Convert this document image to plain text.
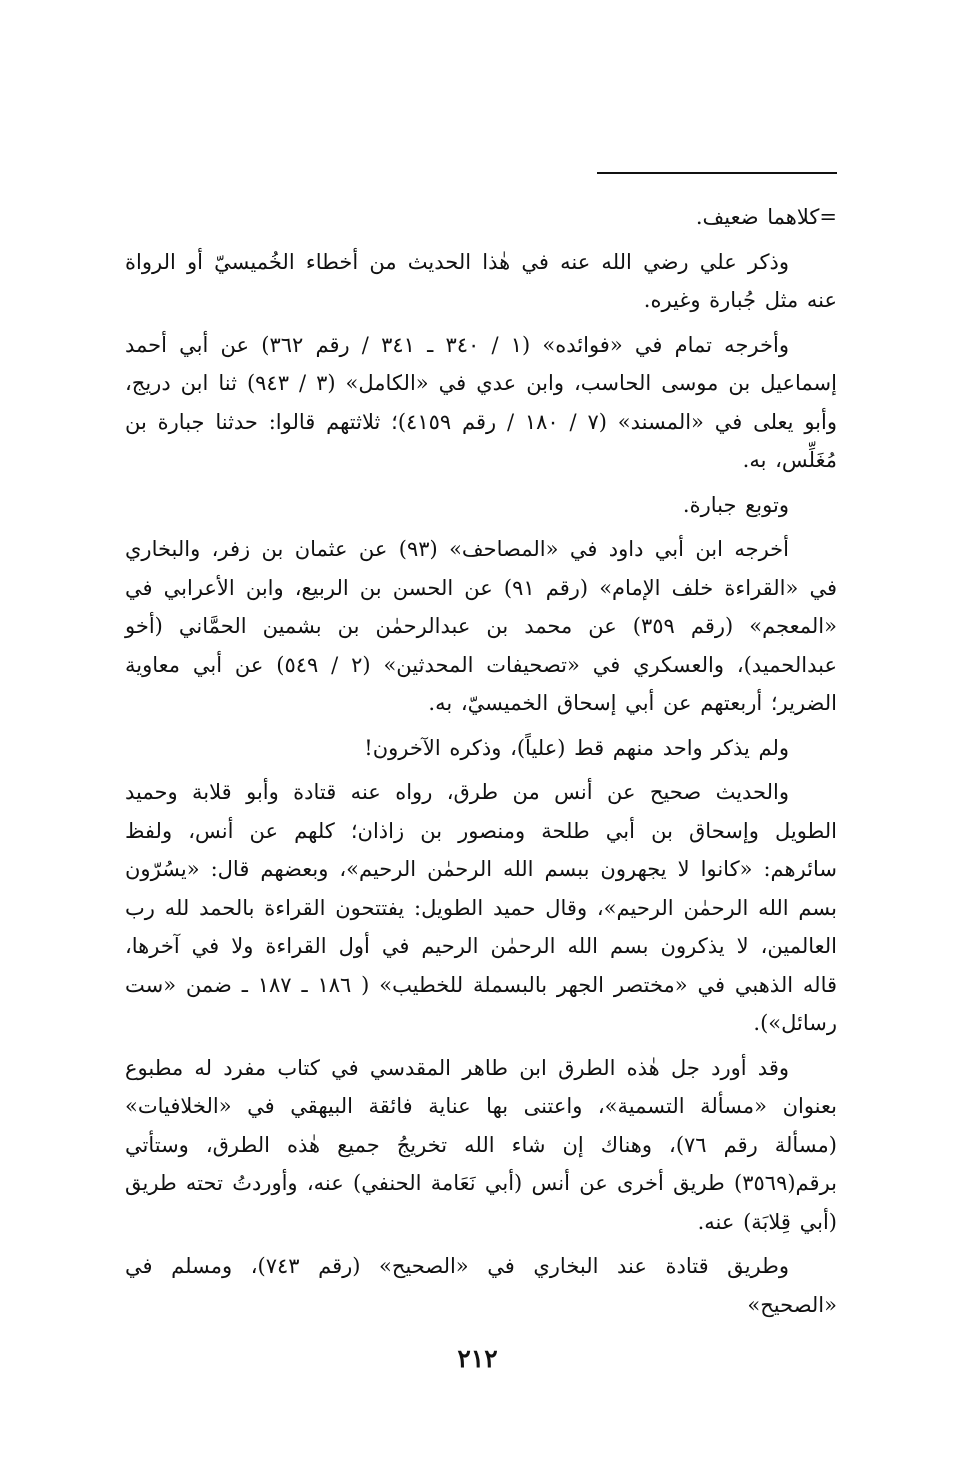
=كلاهما ضعيف.

وذكر علي رضي الله عنه في هٰذا الحديث من أخطاء الخُميسيّ أو الرواة عنه مثل جُبارة وغيره.

وأخرجه تمام في «فوائده» (١ / ٣٤٠ ـ ٣٤١ / رقم ٣٦٢) عن أبي أحمد إسماعيل بن موسى الحاسب، وابن عدي في «الكامل» (٣ / ٩٤٣) ثنا ابن دريج، وأبو يعلى في «المسند» (٧ / ١٨٠ / رقم ٤١٥٩)؛ ثلاثتهم قالوا: حدثنا جبارة بن مُغَلِّس، به.

وتوبع جبارة.

أخرجه ابن أبي داود في «المصاحف» (٩٣) عن عثمان بن زفر، والبخاري في «القراءة خلف الإمام» (رقم ٩١) عن الحسن بن الربيع، وابن الأعرابي في «المعجم» (رقم ٣٥٩) عن محمد بن عبدالرحمٰن بن بشمين الحمَّاني (أخو عبدالحميد)، والعسكري في «تصحيفات المحدثين» (٢ / ٥٤٩) عن أبي معاوية الضرير؛ أربعتهم عن أبي إسحاق الخميسيّ، به.

ولم يذكر واحد منهم قط (علياً)، وذكره الآخرون!

والحديث صحيح عن أنس من طرق، رواه عنه قتادة وأبو قلابة وحميد الطويل وإسحاق بن أبي طلحة ومنصور بن زاذان؛ كلهم عن أنس، ولفظ سائرهم: «كانوا لا يجهرون ببسم الله الرحمٰن الرحيم»، وبعضهم قال: «يسُرّون بسم الله الرحمٰن الرحيم»، وقال حميد الطويل: يفتتحون القراءة بالحمد لله رب العالمين، لا يذكرون بسم الله الرحمٰن الرحيم في أول القراءة ولا في آخرها، قاله الذهبي في «مختصر الجهر بالبسملة للخطيب» ( ١٨٦ ـ ١٨٧ ـ ضمن «ست رسائل»).

وقد أورد جل هٰذه الطرق ابن طاهر المقدسي في كتاب مفرد له مطبوع بعنوان «مسألة التسمية»، واعتنى بها عناية فائقة البيهقي في «الخلافيات» (مسألة رقم ٧٦)، وهناك إن شاء الله تخريجُ جميع هٰذه الطرق، وستأتي برقم(٣٥٦٩) طريق أخرى عن أنس (أبي نَعَامة الحنفي) عنه، وأوردتُ تحته طريق (أبي قِلابَة) عنه.

وطريق قتادة عند البخاري في «الصحيح» (رقم ٧٤٣)، ومسلم في «الصحيح»

٢١٢
